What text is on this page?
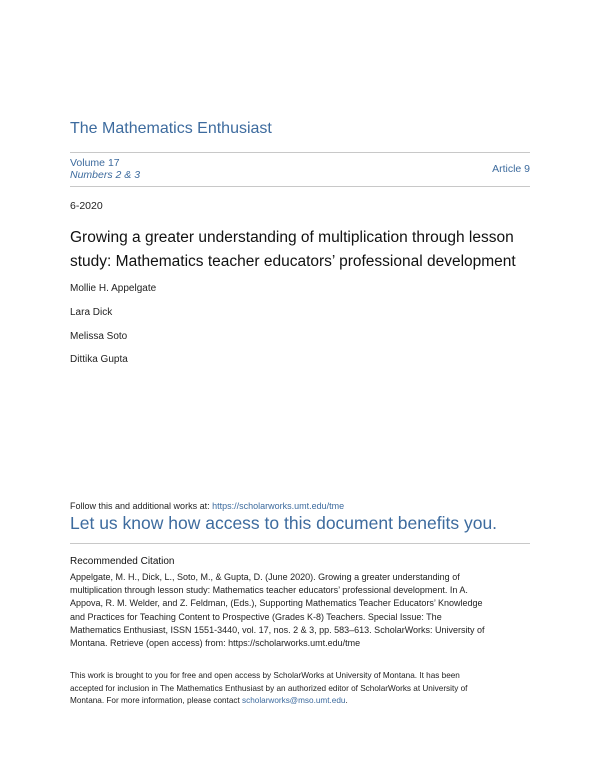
The Mathematics Enthusiast
Volume 17
Numbers 2 & 3	Article 9
6-2020
Growing a greater understanding of multiplication through lesson
study: Mathematics teacher educators’ professional development
Mollie H. Appelgate
Lara Dick
Melissa Soto
Dittika Gupta
Follow this and additional works at: https://scholarworks.umt.edu/tme
Let us know how access to this document benefits you.
Recommended Citation
Appelgate, M. H., Dick, L., Soto, M., & Gupta, D. (June 2020). Growing a greater understanding of
multiplication through lesson study: Mathematics teacher educators’ professional development. In A.
Appova, R. M. Welder, and Z. Feldman, (Eds.), Supporting Mathematics Teacher Educators’ Knowledge
and Practices for Teaching Content to Prospective (Grades K-8) Teachers. Special Issue: The
Mathematics Enthusiast, ISSN 1551-3440, vol. 17, nos. 2 & 3, pp. 583–613. ScholarWorks: University of
Montana. Retrieve (open access) from: https://scholarworks.umt.edu/tme
This work is brought to you for free and open access by ScholarWorks at University of Montana. It has been
accepted for inclusion in The Mathematics Enthusiast by an authorized editor of ScholarWorks at University of
Montana. For more information, please contact scholarworks@mso.umt.edu.
